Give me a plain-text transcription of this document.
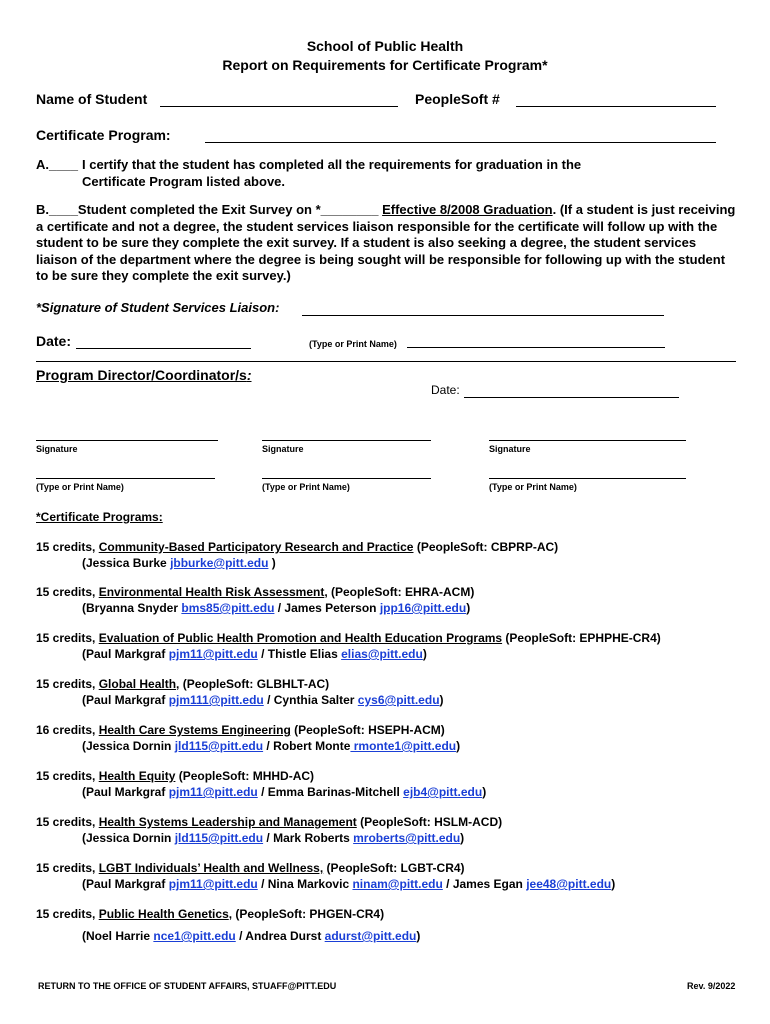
School of Public Health
Report on Requirements for Certificate Program*
Name of Student	PeopleSoft #
Certificate Program:
A.____ I certify that the student has completed all the requirements for graduation in the
Certificate Program listed above.
B.____Student completed the Exit Survey on *________ Effective 8/2008 Graduation. (If a student is just receiving a certificate and not a degree, the student services liaison responsible for the certificate will follow up with the student to be sure they complete the exit survey. If a student is also seeking a degree, the student services liaison of the department where the degree is being sought will be responsible for following up with the student to be sure they complete the exit survey.)
*Signature of Student Services Liaison:
Date:	(Type or Print Name)
Program Director/Coordinator/s:
Date:
Signature	Signature	Signature
(Type or Print Name)	(Type or Print Name)	(Type or Print Name)
*Certificate Programs:
15 credits, Community-Based Participatory Research and Practice (PeopleSoft: CBPRP-AC)
(Jessica Burke jbburke@pitt.edu )
15 credits, Environmental Health Risk Assessment, (PeopleSoft: EHRA-ACM)
(Bryanna Snyder bms85@pitt.edu / James Peterson jpp16@pitt.edu)
15 credits, Evaluation of Public Health Promotion and Health Education Programs (PeopleSoft: EPHPHE-CR4)
(Paul Markgraf pjm11@pitt.edu / Thistle Elias elias@pitt.edu)
15 credits, Global Health, (PeopleSoft: GLBHLT-AC)
(Paul Markgraf pjm111@pitt.edu / Cynthia Salter cys6@pitt.edu)
16 credits, Health Care Systems Engineering (PeopleSoft: HSEPH-ACM)
(Jessica Dornin jld115@pitt.edu / Robert Monte rmonte1@pitt.edu)
15 credits, Health Equity (PeopleSoft: MHHD-AC)
(Paul Markgraf pjm11@pitt.edu / Emma Barinas-Mitchell ejb4@pitt.edu)
15 credits, Health Systems Leadership and Management (PeopleSoft: HSLM-ACD)
(Jessica Dornin jld115@pitt.edu / Mark Roberts mroberts@pitt.edu)
15 credits, LGBT Individuals’ Health and Wellness, (PeopleSoft: LGBT-CR4)
(Paul Markgraf pjm11@pitt.edu / Nina Markovic ninam@pitt.edu / James Egan jee48@pitt.edu)
15 credits, Public Health Genetics, (PeopleSoft: PHGEN-CR4)
(Noel Harrie nce1@pitt.edu / Andrea Durst adurst@pitt.edu)
RETURN TO THE OFFICE OF STUDENT AFFAIRS, STUAFF@PITT.EDU	Rev. 9/2022
